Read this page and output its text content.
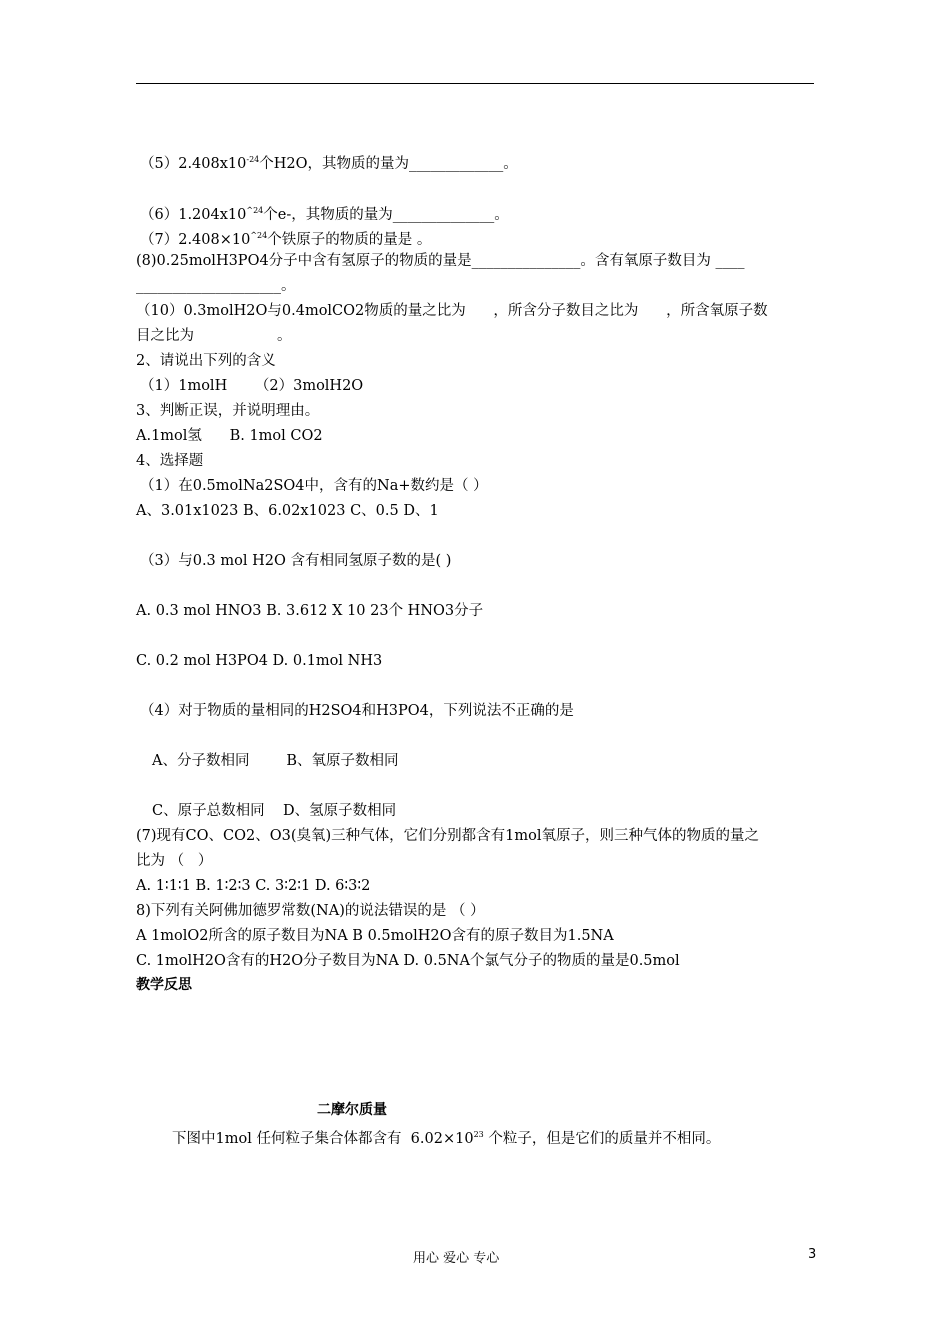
$(5)2.408x10^{-24}$个H2O，其物质的量为_____________。
$(6)1.204x10^{\^{}24}$个e-，其物质的量为______________。
$(7)2.408\times 10^{\^{}24}$个铁原子的物质的量是 。
(8)0.25molH3PO4分子中含有氢原子的物质的量是_______________。含有氧原子数目为 ____
____________________。
（10）0.3molH2O与0.4molCO2物质的量之比为      ，所含分子数目之比为      ，所含氧原子数
目之比为                  。
2、请说出下列的含义
（1）1molH      （2）3molH2O
3、判断正误，并说明理由。
A.1mol氢      B. 1mol CO2
4、选择题
（1）在0.5molNa2SO4中，含有的Na+数约是（ ）
A、3.01x1023 B、6.02x1023 C、0.5 D、1
（3）与0.3 mol H2O 含有相同氢原子数的是( )
A. 0.3 mol HNO3 B. 3.612 X 10 23个 HNO3分子
C. 0.2 mol H3PO4 D. 0.1mol NH3
（4）对于物质的量相同的H2SO4和H3PO4，下列说法不正确的是
A、分子数相同        B、氧原子数相同
C、原子总数相同    D、氢原子数相同
(7)现有CO、CO2、O3(臭氧)三种气体，它们分别都含有1mol氧原子，则三种气体的物质的量之
比为 （   ）
A. 1∶1∶1 B. 1∶2∶3 C. 3∶2∶1 D. 6∶3∶2
8)下列有关阿佛加德罗常数(NA)的说法错误的是 （ ）
A 1molO2所含的原子数目为NA B 0.5molH2O含有的原子数目为1.5NA
C. 1molH2O含有的H2O分子数目为NA D. 0.5NA个氯气分子的物质的量是0.5mol
教学反思
二摩尔质量
下图中1mol 任何粒子集合体都含有  $6.02\times 10^{23}$ 个粒子，但是它们的质量并不相同。
用心 爱心 专心	3
